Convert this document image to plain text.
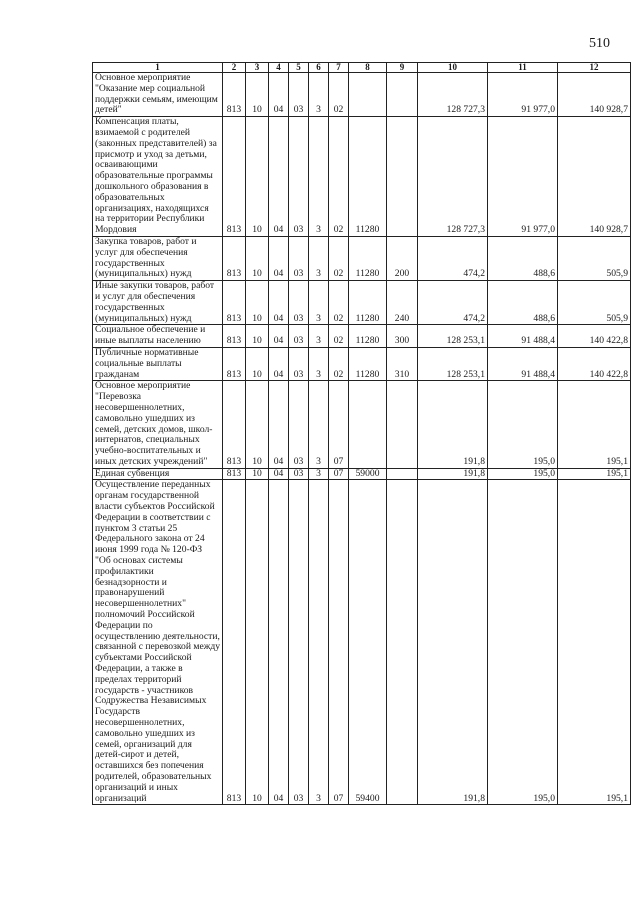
510
1	2	3	4	5	6	7	8	9	10	11	12
Основное мероприятие "Оказание мер социальной поддержки семьям, имеющим детей"	813	10	04	03	3	02			128 727,3	91 977,0	140 928,7
Компенсация платы, взимаемой с родителей (законных представителей) за присмотр и уход за детьми, осваивающими образовательные программы дошкольного образования в образовательных организациях, находящихся на территории Республики Мордовия	813	10	04	03	3	02	11280		128 727,3	91 977,0	140 928,7
Закупка товаров, работ и услуг для обеспечения государственных (муниципальных) нужд	813	10	04	03	3	02	11280	200	474,2	488,6	505,9
Иные закупки товаров, работ и услуг для обеспечения государственных (муниципальных) нужд	813	10	04	03	3	02	11280	240	474,2	488,6	505,9
Социальное обеспечение и иные выплаты населению	813	10	04	03	3	02	11280	300	128 253,1	91 488,4	140 422,8
Публичные нормативные социальные выплаты гражданам	813	10	04	03	3	02	11280	310	128 253,1	91 488,4	140 422,8
Основное мероприятие "Перевозка несовершеннолетних, самовольно ушедших из семей, детских домов, школ-интернатов, специальных учебно-воспитательных и иных детских учреждений"	813	10	04	03	3	07			191,8	195,0	195,1
Единая субвенция	813	10	04	03	3	07	59000		191,8	195,0	195,1
Осуществление переданных органам государственной власти субъектов Российской Федерации в соответствии с пунктом 3 статьи 25 Федерального закона от 24 июня 1999 года № 120-ФЗ "Об основах системы профилактики безнадзорности и правонарушений несовершеннолетних" полномочий Российской Федерации по осуществлению деятельности, связанной с перевозкой между субъектами Российской Федерации, а также в пределах территорий государств - участников Содружества Независимых Государств несовершеннолетних, самовольно ушедших из семей, организаций для детей-сирот и детей, оставшихся без попечения родителей, образовательных организаций и иных организаций	813	10	04	03	3	07	59400		191,8	195,0	195,1
